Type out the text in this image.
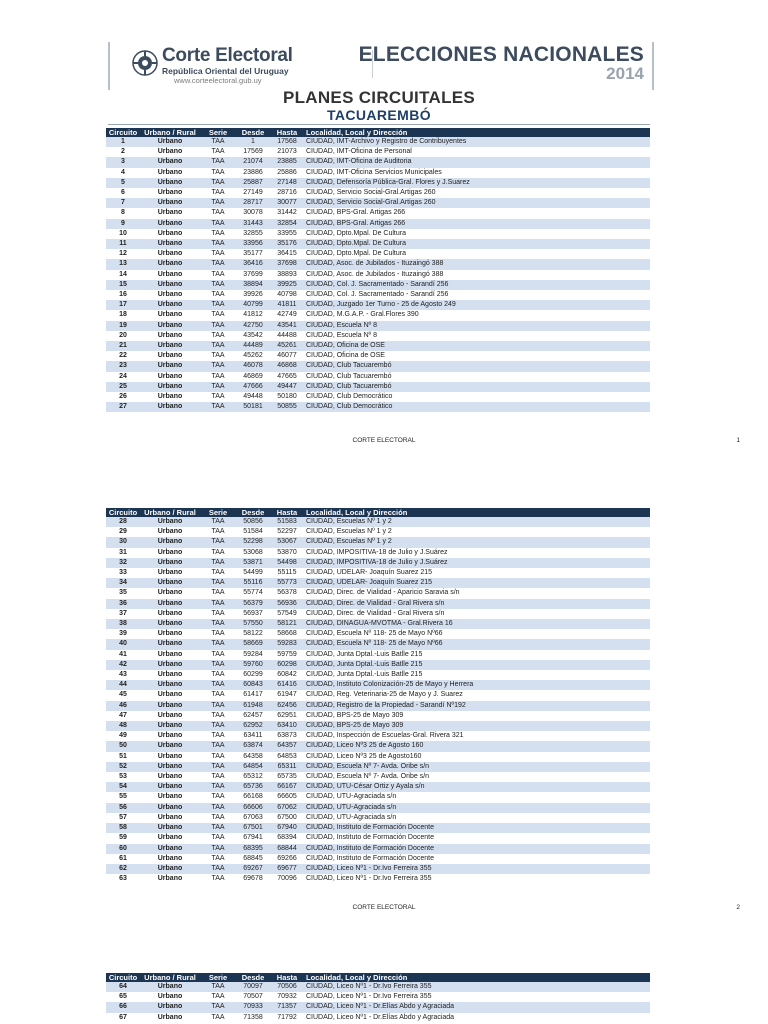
Corte Electoral
República Oriental del Uruguay
www.corteelectoral.gub.uy
ELECCIONES NACIONALES
2014
PLANES CIRCUITALES
TACUAREMBÓ
Circuito	Urbano / Rural	Serie	Desde	Hasta	Localidad, Local y Dirección
1	Urbano	TAA	1	17568	CIUDAD, IMT-Archivo y Registro de Contribuyentes
2	Urbano	TAA	17569	21073	CIUDAD, IMT-Oficina de Personal
3	Urbano	TAA	21074	23885	CIUDAD, IMT-Oficina de Auditoria
4	Urbano	TAA	23886	25886	CIUDAD, IMT-Oficina Servicios Municipales
5	Urbano	TAA	25887	27148	CIUDAD, Defensoría Pública-Gral. Flores y J.Suarez
6	Urbano	TAA	27149	28716	CIUDAD, Servicio Social-Gral.Artigas 260
7	Urbano	TAA	28717	30077	CIUDAD, Servicio Social-Gral.Artigas 260
8	Urbano	TAA	30078	31442	CIUDAD, BPS-Gral. Artigas 266
9	Urbano	TAA	31443	32854	CIUDAD, BPS-Gral. Artigas 266
10	Urbano	TAA	32855	33955	CIUDAD, Dpto.Mpal. De Cultura
11	Urbano	TAA	33956	35176	CIUDAD, Dpto.Mpal. De Cultura
12	Urbano	TAA	35177	36415	CIUDAD, Dpto.Mpal. De Cultura
13	Urbano	TAA	36416	37698	CIUDAD, Asoc. de Jubilados - Ituzaingó 388
14	Urbano	TAA	37699	38893	CIUDAD, Asoc. de Jubilados - Ituzaingó 388
15	Urbano	TAA	38894	39925	CIUDAD, Col. J. Sacramentado - Sarandí 256
16	Urbano	TAA	39926	40798	CIUDAD, Col. J. Sacramentado - Sarandí 256
17	Urbano	TAA	40799	41811	CIUDAD, Juzgado 1er Turno - 25 de Agosto 249
18	Urbano	TAA	41812	42749	CIUDAD, M.G.A.P. - Gral.Flores 390
19	Urbano	TAA	42750	43541	CIUDAD, Escuela Nº 8
20	Urbano	TAA	43542	44488	CIUDAD, Escuela Nº 8
21	Urbano	TAA	44489	45261	CIUDAD, Oficina de OSE
22	Urbano	TAA	45262	46077	CIUDAD, Oficina de OSE
23	Urbano	TAA	46078	46868	CIUDAD, Club Tacuarembó
24	Urbano	TAA	46869	47665	CIUDAD, Club Tacuarembó
25	Urbano	TAA	47666	49447	CIUDAD, Club Tacuarembó
26	Urbano	TAA	49448	50180	CIUDAD, Club Democrático
27	Urbano	TAA	50181	50855	CIUDAD, Club Democrático
CORTE ELECTORAL	1
Circuito	Urbano / Rural	Serie	Desde	Hasta	Localidad, Local y Dirección
28	Urbano	TAA	50856	51583	CIUDAD, Escuelas Nº 1 y 2
29	Urbano	TAA	51584	52297	CIUDAD, Escuelas Nº 1 y 2
30	Urbano	TAA	52298	53067	CIUDAD, Escuelas Nº 1 y 2
31	Urbano	TAA	53068	53870	CIUDAD, IMPOSITIVA-18 de Julio y J.Suárez
32	Urbano	TAA	53871	54498	CIUDAD, IMPOSITIVA-18 de Julio y J.Suárez
33	Urbano	TAA	54499	55115	CIUDAD, UDELAR- Joaquín Suarez 215
34	Urbano	TAA	55116	55773	CIUDAD, UDELAR- Joaquín Suarez 215
35	Urbano	TAA	55774	56378	CIUDAD, Direc. de Vialidad - Aparicio Saravia s/n
36	Urbano	TAA	56379	56936	CIUDAD, Direc. de Vialidad - Gral Rivera s/n
37	Urbano	TAA	56937	57549	CIUDAD, Direc. de Vialidad - Gral Rivera s/n
38	Urbano	TAA	57550	58121	CIUDAD, DINAGUA-MVOTMA - Gral.Rivera 16
39	Urbano	TAA	58122	58668	CIUDAD, Escuela Nº 118- 25 de Mayo Nº66
40	Urbano	TAA	58669	59283	CIUDAD, Escuela Nº 118- 25 de Mayo Nº66
41	Urbano	TAA	59284	59759	CIUDAD, Junta Dptal.-Luis Batlle 215
42	Urbano	TAA	59760	60298	CIUDAD, Junta Dptal.-Luis Batlle 215
43	Urbano	TAA	60299	60842	CIUDAD, Junta Dptal.-Luis Batlle 215
44	Urbano	TAA	60843	61416	CIUDAD, Instituto Colonización-25 de Mayo y Herrera
45	Urbano	TAA	61417	61947	CIUDAD, Reg. Veterinaria-25 de Mayo y J. Suarez
46	Urbano	TAA	61948	62456	CIUDAD, Registro de la Propiedad - Sarandí Nº192
47	Urbano	TAA	62457	62951	CIUDAD, BPS-25 de Mayo 309
48	Urbano	TAA	62952	63410	CIUDAD, BPS-25 de Mayo 309
49	Urbano	TAA	63411	63873	CIUDAD, Inspección de Escuelas-Gral. Rivera 321
50	Urbano	TAA	63874	64357	CIUDAD, Liceo Nº3 25 de Agosto 160
51	Urbano	TAA	64358	64853	CIUDAD, Liceo Nº3 25 de Agosto160
52	Urbano	TAA	64854	65311	CIUDAD, Escuela Nº 7- Avda. Oribe s/n
53	Urbano	TAA	65312	65735	CIUDAD, Escuela Nº 7- Avda. Oribe s/n
54	Urbano	TAA	65736	66167	CIUDAD, UTU-César Ortiz y Ayala s/n
55	Urbano	TAA	66168	66605	CIUDAD, UTU-Agraciada s/n
56	Urbano	TAA	66606	67062	CIUDAD, UTU-Agraciada s/n
57	Urbano	TAA	67063	67500	CIUDAD, UTU-Agraciada s/n
58	Urbano	TAA	67501	67940	CIUDAD, Instituto de Formación Docente
59	Urbano	TAA	67941	68394	CIUDAD, Instituto de Formación Docente
60	Urbano	TAA	68395	68844	CIUDAD, Instituto de Formación Docente
61	Urbano	TAA	68845	69266	CIUDAD, Instituto de Formación Docente
62	Urbano	TAA	69267	69677	CIUDAD, Liceo Nº1 - Dr.Ivo Ferreira 355
63	Urbano	TAA	69678	70096	CIUDAD, Liceo Nº1 - Dr.Ivo Ferreira 355
CORTE ELECTORAL	2
Circuito	Urbano / Rural	Serie	Desde	Hasta	Localidad, Local y Dirección
64	Urbano	TAA	70097	70506	CIUDAD, Liceo Nº1 - Dr.Ivo Ferreira 355
65	Urbano	TAA	70507	70932	CIUDAD, Liceo Nº1 - Dr.Ivo Ferreira 355
66	Urbano	TAA	70933	71357	CIUDAD, Liceo Nº1 - Dr.Elías Abdo y Agraciada
67	Urbano	TAA	71358	71792	CIUDAD, Liceo Nº1 - Dr.Elías Abdo y Agraciada
